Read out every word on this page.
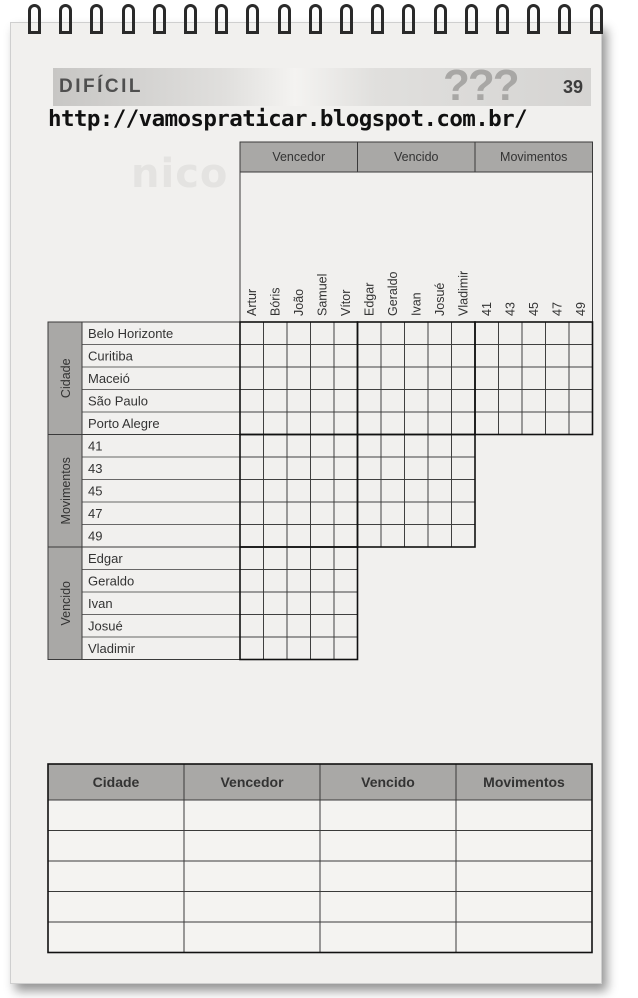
nico
DIFÍCIL	???	39
http://vamospraticar.blogspot.com.br/
Vencedor	Vencido	Movimentos
Artur Bóris João Samuel Vítor Edgar Geraldo Ivan Josué Vladimir 41 43 45 47 49
Cidade
Belo Horizonte
Curitiba
Maceió
São Paulo
Porto Alegre
Movimentos
41
43
45
47
49
Vencido
Edgar
Geraldo
Ivan
Josué
Vladimir
Cidade	Vencedor	Vencido	Movimentos
